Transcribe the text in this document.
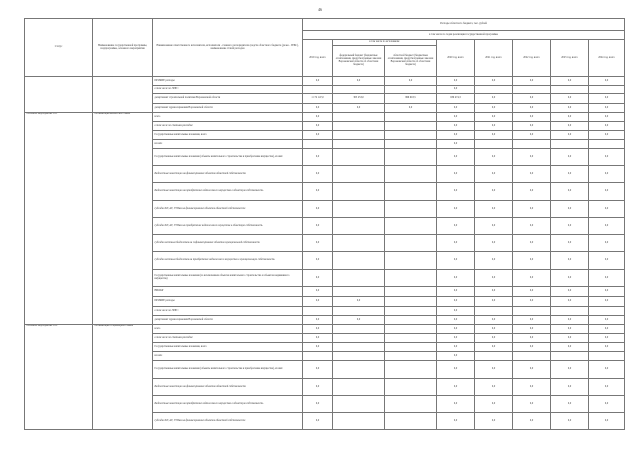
46
Статус	Наименование государственной программы, подпрограммы, основного мероприятия	Наименование ответственного исполнителя, исполнителя - главного распорядителя средств областного бюджета (далее - ГРБС), наименование статей расходов	Расходы областного бюджета, тыс. рублей							
			в том числе по годам реализации государственной программы							
			2019 год, всего	в том числе по источникам:		2020 год, всего	2021 год, всего	2022 год, всего	2023 год, всего	2024 год, всего
				федеральный бюджет (бюджетные ассигнования, предусмотренные законом Воронежской области об областном бюджете)	областной бюджет (бюджетные ассигнования, предусмотренные законом Воронежской области об областном бюджете)					
		ПРОЧИЕ расходы	0,0	0,0	0,0	0,0	0,0	0,0	0,0	0,0
		в том числе по ГРБС:				0,0				
		департамент строительной политики Воронежской области	1 172 147,0	305 253,0	866 918,5	639 474,3	0,0	0,0	0,0	0,0
		департамент здравоохранения Воронежской области	0,0	0,0	0,0	0,0	0,0	0,0	0,0	0,0
Основное мероприятие 10.1	Оптимизация кибиатского звена	всего	0,0			0,0	0,0	0,0	0,0	0,0
		в том числе по статьям расходов:	0,0			0,0	0,0	0,0	0,0	0,0
		Государственные капитальные вложения, всего	0,0			0,0	0,0	0,0	0,0	0,0
		из них:				0,0				
		Государственные капитальные вложения (объекты капитального строительства и приобретение имущества), из них:	0,0			0,0	0,0	0,0	0,0	0,0
		Бюджетные инвестиции на финансирование объектов областной собственности	0,0			0,0	0,0	0,0	0,0	0,0
		Бюджетные инвестиции на приобретение недвижимого имущества в областную собственность	0,0			0,0	0,0	0,0	0,0	0,0
		субсидии БУ, АУ, ГУПам на финансирование объектов областной собственности	0,0			0,0	0,0	0,0	0,0	0,0
		субсидии БУ, АУ, ГУПам на приобретение недвижимого имущества в областную собственность	0,0			0,0	0,0	0,0	0,0	0,0
		субсидии местным бюджетам на софинансирование объектов муниципальной собственности	0,0			0,0	0,0	0,0	0,0	0,0
		субсидии местным бюджетам на приобретение недвижимого имущества в муниципальную собственность	0,0			0,0	0,0	0,0	0,0	0,0
		Государственные капитальные вложения (за исключением объектов капитального строительства и объектов недвижимого имущества)	0,0			0,0	0,0	0,0	0,0	0,0
		НИОКР	0,0			0,0	0,0	0,0	0,0	0,0
		ПРОЧИЕ расходы	0,0	0,0		0,0	0,0	0,0	0,0	0,0
		в том числе по ГРБС:				0,0				
		департамент здравоохранения Воронежской области	0,0	0,0		0,0	0,0	0,0	0,0	0,0
Основное мероприятие 10.2	Оптимизация стационарного звена	всего	0,0			0,0	0,0	0,0	0,0	0,0
		в том числе по статьям расходов:	0,0			0,0	0,0	0,0	0,0	0,0
		Государственные капитальные вложения, всего	0,0			0,0	0,0	0,0	0,0	0,0
		из них:				0,0				
		Государственные капитальные вложения (объекты капитального строительства и приобретение имущества), из них:	0,0			0,0	0,0	0,0	0,0	0,0
		Бюджетные инвестиции на финансирование объектов областной собственности	0,0			0,0	0,0	0,0	0,0	0,0
		Бюджетные инвестиции на приобретение недвижимого имущества в областную собственность	0,0			0,0	0,0	0,0	0,0	0,0
		субсидии БУ, АУ, ГУПам на финансирование объектов областной собственности	0,0			0,0	0,0	0,0	0,0	0,0
